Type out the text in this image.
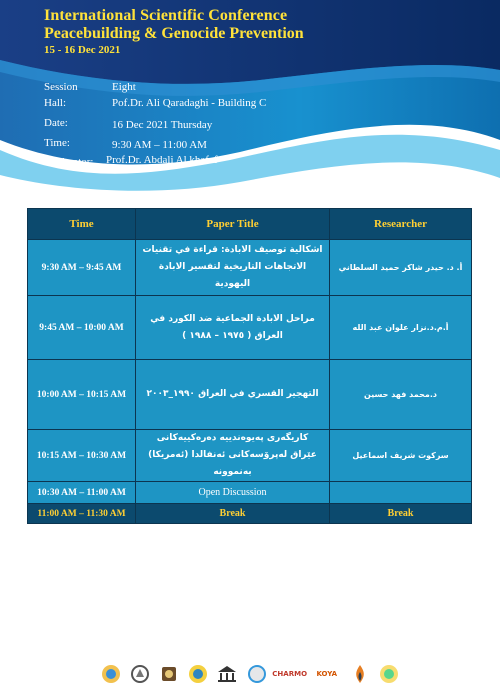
International Scientific Conference
Peacebuilding & Genocide Prevention
15 - 16 Dec 2021
Session	Eight
Hall:	Pof.Dr. Ali Qaradaghi - Building C
Date:	16 Dec 2021 Thursday
Time:	9:30 AM – 11:00 AM
Moderator: Prof.Dr. Abdali Al khafaf
Time	Paper Title	Researcher
9:30 AM – 9:45 AM	اشكالية توصيف الابادة: قراءة في تقنيات الاتجاهات التاريخية لتفسير الابادة اليهودية	أ. د. حيدر شاكر حميد السلطاني
9:45 AM – 10:00 AM	مراحل الابادة الجماعية ضد الكورد في العراق ( ١٩٧٥ – ١٩٨٨ )	أ.م.د.نزار علوان عبد الله
10:00 AM – 10:15 AM	التهجير القسري في العراق ١٩٩٠_٢٠٠٣	د.محمد فهد حسين
10:15 AM – 10:30 AM	کاریگەری پەیوەندییە دەرەکییەکانی عێراق لەپرۆسەکانی ئەنفالدا (ئەمریکا) بەنموونە	سركوت شريف اسماعيل
10:30 AM – 11:00 AM	Open Discussion	
11:00 AM – 11:30 AM	Break	Break
CHARMO	KOYA
